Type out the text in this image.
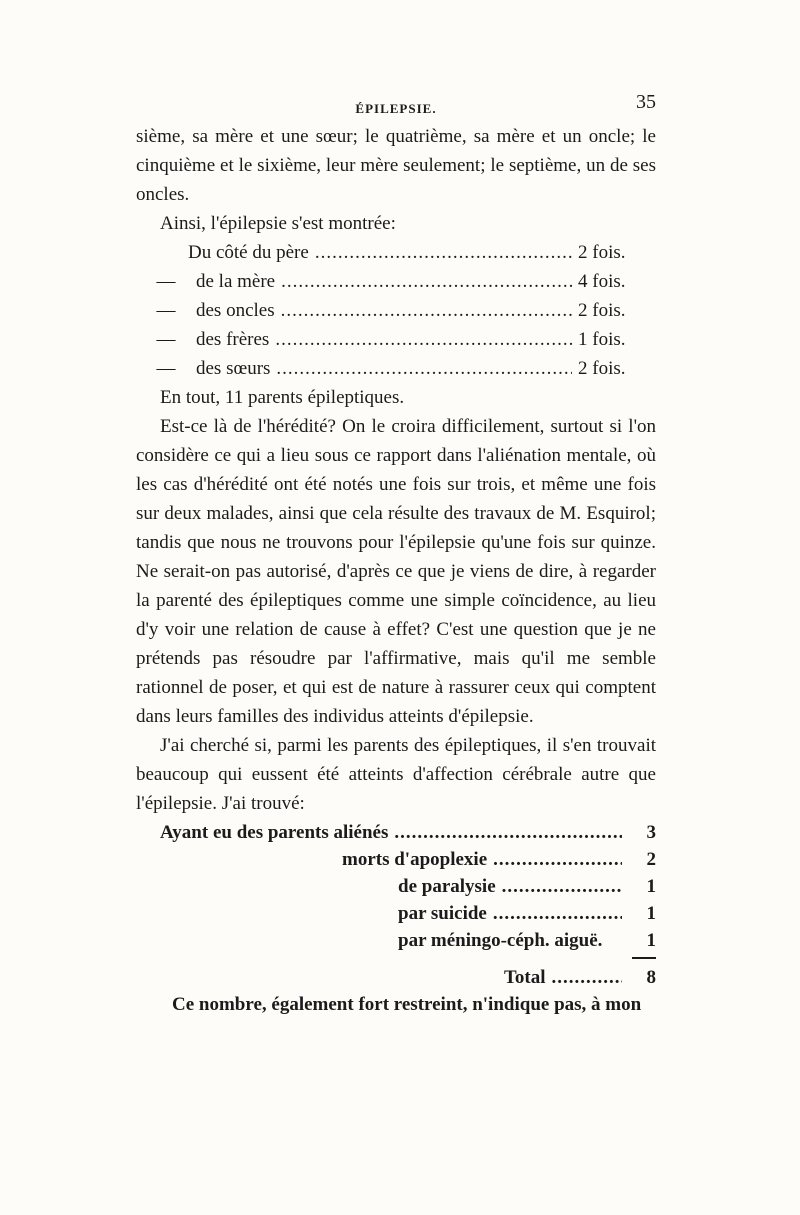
ÉPILEPSIE.	35

sième, sa mère et une sœur; le quatrième, sa mère et un oncle; le cinquième et le sixième, leur mère seulement; le septième, un de ses oncles.

Ainsi, l'épilepsie s'est montrée:

Du côté du père .....	2 fois.
—	de la mère .....	4 fois.
—	des oncles .....	2 fois.
—	des frères .....	1 fois.
—	des sœurs .....	2 fois.

En tout, 11 parents épileptiques.

Est-ce là de l'hérédité? On le croira difficilement, surtout si l'on considère ce qui a lieu sous ce rapport dans l'aliénation mentale, où les cas d'hérédité ont été notés une fois sur trois, et même une fois sur deux malades, ainsi que cela résulte des travaux de M. Esquirol; tandis que nous ne trouvons pour l'épilepsie qu'une fois sur quinze. Ne serait-on pas autorisé, d'après ce que je viens de dire, à regarder la parenté des épileptiques comme une simple coïncidence, au lieu d'y voir une relation de cause à effet? C'est une question que je ne prétends pas résoudre par l'affirmative, mais qu'il me semble rationnel de poser, et qui est de nature à rassurer ceux qui comptent dans leurs familles des individus atteints d'épilepsie.

J'ai cherché si, parmi les parents des épileptiques, il s'en trouvait beaucoup qui eussent été atteints d'affection cérébrale autre que l'épilepsie. J'ai trouvé:

Ayant eu des parents aliénés .....	3
morts d'apoplexie .....	2
de paralysie .....	1
par suicide .....	1
par méningo-céph. aiguë.	1
Total .....	8

Ce nombre, également fort restreint, n'indique pas, à mon
